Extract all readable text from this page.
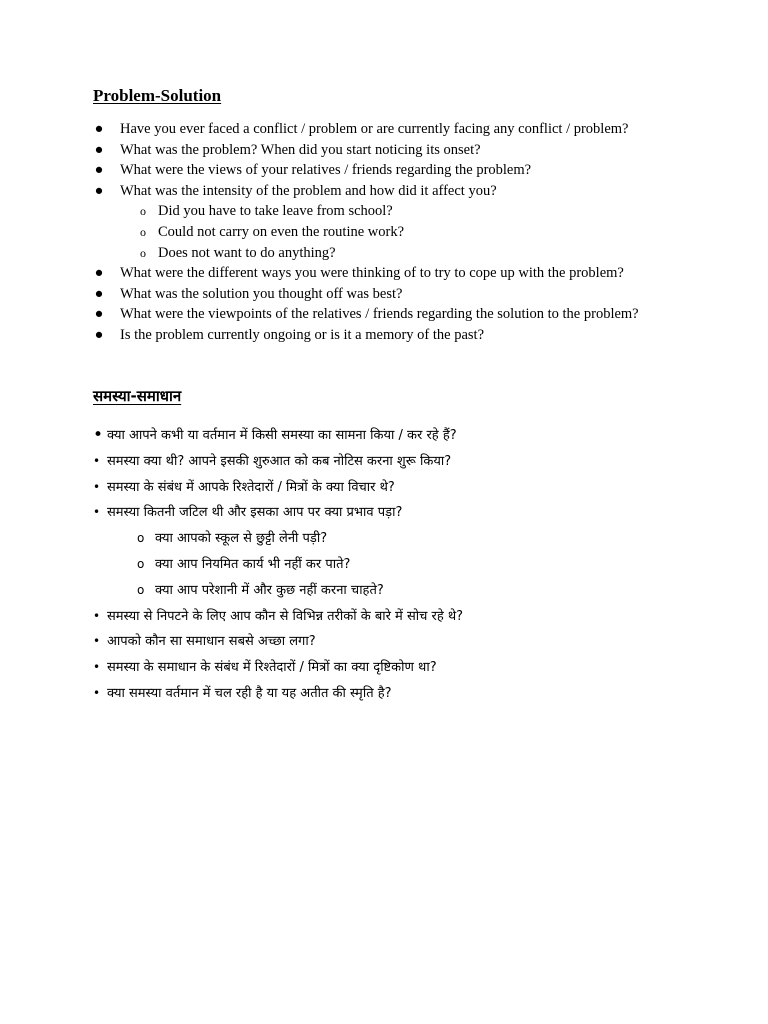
Problem-Solution
● Have you ever faced a conflict / problem or are currently facing any conflict / problem?
● What was the problem? When did you start noticing its onset?
● What were the views of your relatives / friends regarding the problem?
● What was the intensity of the problem and how did it affect you?
o Did you have to take leave from school?
o Could not carry on even the routine work?
o Does not want to do anything?
● What were the different ways you were thinking of to try to cope up with the problem?
● What was the solution you thought off was best?
● What were the viewpoints of the relatives / friends regarding the solution to the problem?
● Is the problem currently ongoing or is it a memory of the past?
समस्या-समाधान
• क्या आपने कभी या वर्तमान में किसी समस्या का सामना किया / कर रहे हैं?
• समस्या क्या थी? आपने इसकी शुरुआत को कब नोटिस करना शुरू किया?
• समस्या के संबंध में आपके रिश्तेदारों / मित्रों के क्या विचार थे?
• समस्या कितनी जटिल थी और इसका आप पर क्या प्रभाव पड़ा?
o क्या आपको स्कूल से छुट्टी लेनी पड़ी?
o क्या आप नियमित कार्य भी नहीं कर पाते?
o क्या आप परेशानी में और कुछ नहीं करना चाहते?
• समस्या से निपटने के लिए आप कौन से विभिन्न तरीकों के बारे में सोच रहे थे?
• आपको कौन सा समाधान सबसे अच्छा लगा?
• समस्या के समाधान के संबंध में रिश्तेदारों / मित्रों का क्या दृष्टिकोण था?
• क्या समस्या वर्तमान में चल रही है या यह अतीत की स्मृति है?
